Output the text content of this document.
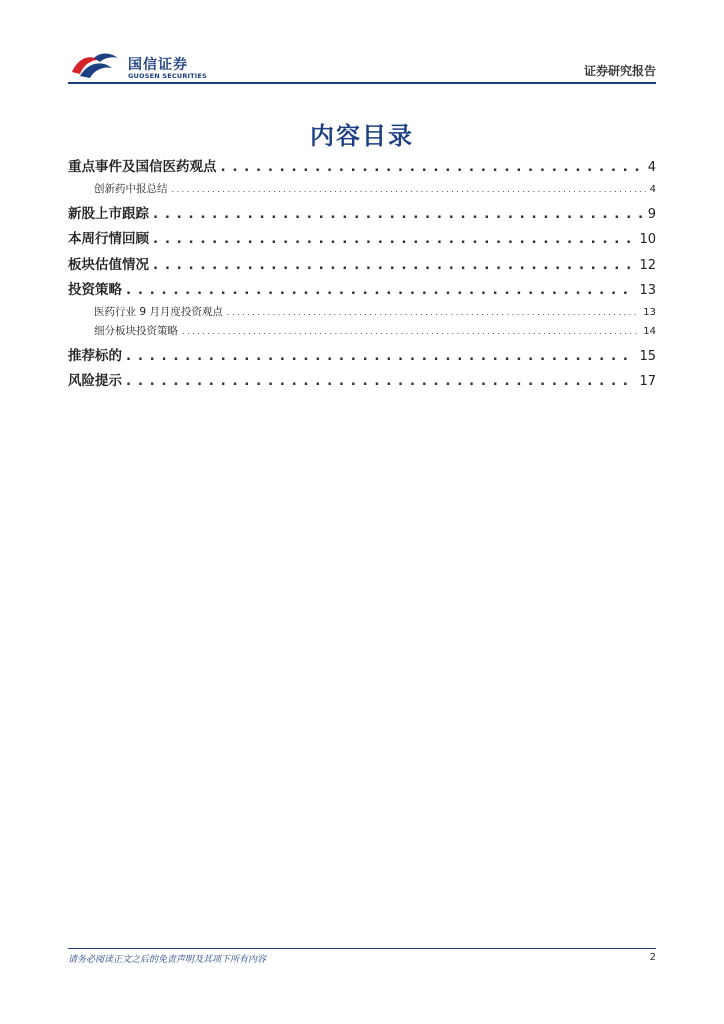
国信证券
GUOSEN SECURITIES	证券研究报告
内容目录
重点事件及国信医药观点 . . .	4
创新药中报总结 . . .	4
新股上市跟踪 . . .	9
本周行情回顾 . . .	10
板块估值情况 . . .	12
投资策略 . . .	13
医药行业 9 月月度投资观点 . . .	13
细分板块投资策略 . . .	14
推荐标的 . . .	15
风险提示 . . .	17
请务必阅读正文之后的免责声明及其项下所有内容	2
